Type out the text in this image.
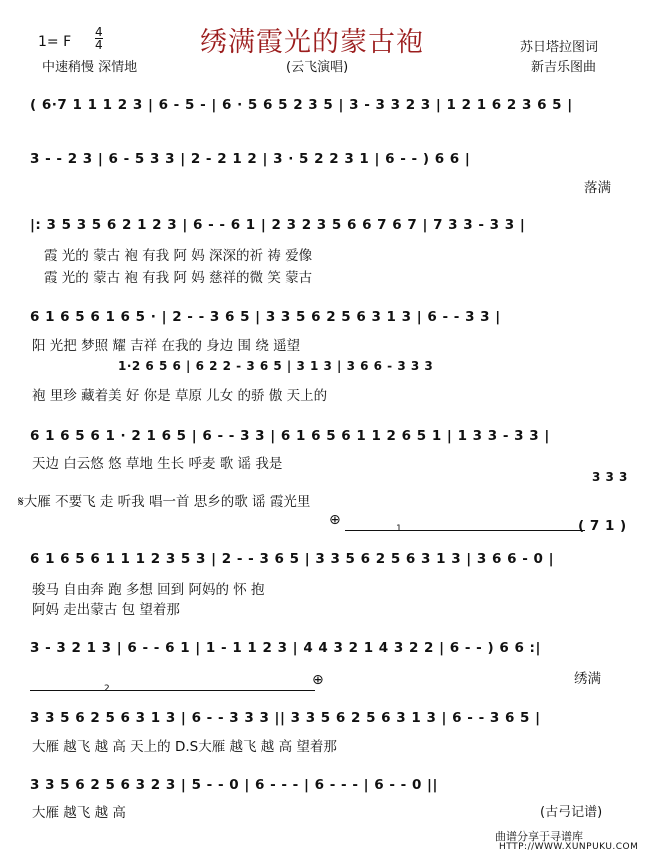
绣满霞光的蒙古袍
1= F $\frac{4}{4}$
中速稍慢 深情地	(云飞演唱)
苏日塔拉图词
新吉乐图曲
( 6·7 1 1 1 2 3 | 6 - 5 - | 6 · 5 6 5 2 3 5 | 3 - 3 3 2 3 | 1 2 1 6 2 3 6 5 |
3 - - 2 3 | 6 - 5 3 3 | 2 - 2 1 2 | 3 · 5 2 2 3 1 | 6 - - ) 6 6 |
落满
|: 3 5 3 5 6 2 1 2 3 | 6 - - 6 1 | 2 3 2 3 5 6 6 7 6 7 | 7 3 3 - 3 3 |
霞 光的 蒙古 袍 有我 阿 妈 深深的祈 祷 爱像
霞 光的 蒙古 袍 有我 阿 妈 慈祥的微 笑 蒙古
6 1 6 5 6 1 6 5 · | 2 - - 3 6 5 | 3 3 5 6 2 5 6 3 1 3 | 6 - - 3 3 |
阳 光把 梦照 耀 吉祥 在我的 身边 围 绕 遥望
1·2 6 5 6 | 6 2 2 - 3 6 5 | 3 1 3 | 3 6 6 - 3 3 3
袍 里珍 藏着美 好 你是 草原 儿女 的骄 傲 天上的
6 1 6 5 6 1 · 2 1 6 5 | 6 - - 3 3 | 6 1 6 5 6 1 1 2 6 5 1 | 1 3 3 - 3 3 |
天边 白云悠 悠 草地 生长 呼麦 歌 谣 我是
3 3 3
𝄋大雁 不要飞 走 听我 唱一首 思乡的歌 谣 霞光里
⊕
1	( 7 1 )
6 1 6 5 6 1 1 1 2 3 5 3 | 2 - - 3 6 5 | 3 3 5 6 2 5 6 3 1 3 | 3 6 6 - 0 |
骏马 自由奔 跑 多想 回到 阿妈的 怀 抱
阿妈 走出蒙古 包 望着那
3 - 3 2 1 3 | 6 - - 6 1 | 1 - 1 1 2 3 | 4 4 3 2 1 4 3 2 2 | 6 - - ) 6 6 :|
绣满
2
⊕
3 3 5 6 2 5 6 3 1 3 | 6 - - 3 3 3 || 3 3 5 6 2 5 6 3 1 3 | 6 - - 3 6 5 |
大雁 越飞 越 高 天上的 D.S大雁 越飞 越 高 望着那
3 3 5 6 2 5 6 3 2 3 | 5 - - 0 | 6 - - - | 6 - - - | 6 - - 0 ||
大雁 越飞 越 高	(古弓记谱)
曲谱分享于寻谱库
HTTP://WWW.XUNPUKU.COM
